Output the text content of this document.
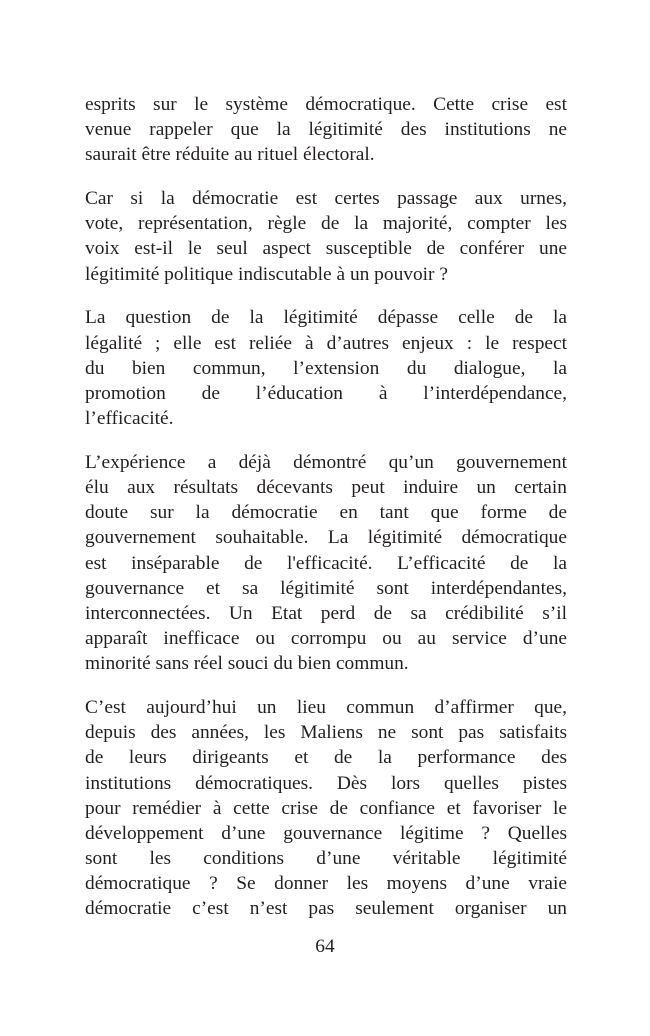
esprits sur le système démocratique. Cette crise est
venue rappeler que la légitimité des institutions ne
saurait être réduite au rituel électoral.
Car si la démocratie est certes passage aux urnes,
vote, représentation, règle de la majorité, compter les
voix est-il le seul aspect susceptible de conférer une
légitimité politique indiscutable à un pouvoir ?
La question de la légitimité dépasse celle de la
légalité ; elle est reliée à d’autres enjeux : le respect
du bien commun, l’extension du dialogue, la
promotion de l’éducation à l’interdépendance,
l’efficacité.
L’expérience a déjà démontré qu’un gouvernement
élu aux résultats décevants peut induire un certain
doute sur la démocratie en tant que forme de
gouvernement souhaitable. La légitimité démocratique
est inséparable de l'efficacité. L’efficacité de la
gouvernance et sa légitimité sont interdépendantes,
interconnectées. Un Etat perd de sa crédibilité s’il
apparaît inefficace ou corrompu ou au service d’une
minorité sans réel souci du bien commun.
C’est aujourd’hui un lieu commun d’affirmer que,
depuis des années, les Maliens ne sont pas satisfaits
de leurs dirigeants et de la performance des
institutions démocratiques. Dès lors quelles pistes
pour remédier à cette crise de confiance et favoriser le
développement d’une gouvernance légitime ? Quelles
sont les conditions d’une véritable légitimité
démocratique ? Se donner les moyens d’une vraie
démocratie c’est n’est pas seulement organiser un
64
